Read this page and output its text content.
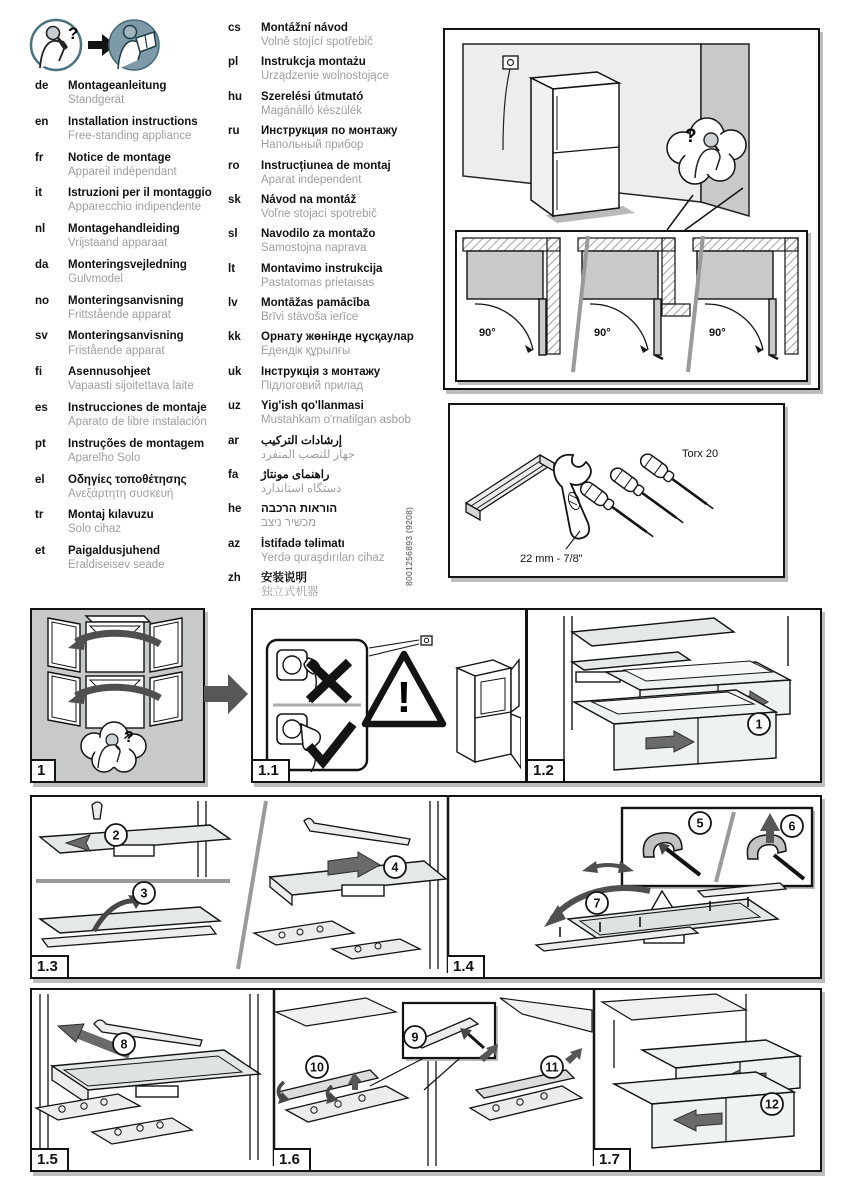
?
de	Montageanleitung
Standgerät
en	Installation instructions
Free-standing appliance
fr	Notice de montage
Appareil indépendant
it	Istruzioni per il montaggio
Apparecchio indipendente
nl	Montagehandleiding
Vrijstaand apparaat
da	Monteringsvejledning
Gulvmodel
no	Monteringsanvisning
Frittstående apparat
sv	Monteringsanvisning
Fristående apparat
fi	Asennusohjeet
Vapaasti sijoitettava laite
es	Instrucciones de montaje
Aparato de libre instalación
pt	Instruções de montagem
Aparelho Solo
el	Οδηγίες τοποθέτησης
Ανεξάρτητη συσκευή
tr	Montaj kılavuzu
Solo cihaz
et	Paigaldusjuhend
Eraldiseisev seade
cs	Montážní návod
Volně stojící spotřebič
pl	Instrukcja montażu
Urządzenie wolnostojące
hu	Szerelési útmutató
Magánálló készülék
ru	Инструкция по монтажу
Напольный прибор
ro	Instrucțiunea de montaj
Aparat independent
sk	Návod na montáž
Voľne stojací spotrebič
sl	Navodilo za montažo
Samostojna naprava
lt	Montavimo instrukcija
Pastatomas prietaisas
lv	Montāžas pamācība
Brīvi stāvoša ierīce
kk	Орнату жөнінде нұсқаулар
Едендік құрылғы
uk	Інструкція з монтажу
Підлоговий прилад
uz	Yig'ish qo'llanmasi
Mustahkam o'rnatilgan asbob
ar	إرشادات التركيب
جهاز للنصب المنفرد
fa	راهنمای مونتاژ
دستگاه استاندارد
he	הוראות הרכבה
מכשיר ניצב
az	İstifadə təlimatı
Yerdə quraşdırılan cihaz
zh	安装说明
独立式机器
8001256893 (9208)
?
90°	90°	90°
Torx 20
22 mm - 7/8"
?
1
!
1.1
1
1.2
2
3
4
5	6
7
1.3	1.4
8	9
10	11
12
1.5	1.6	1.7
